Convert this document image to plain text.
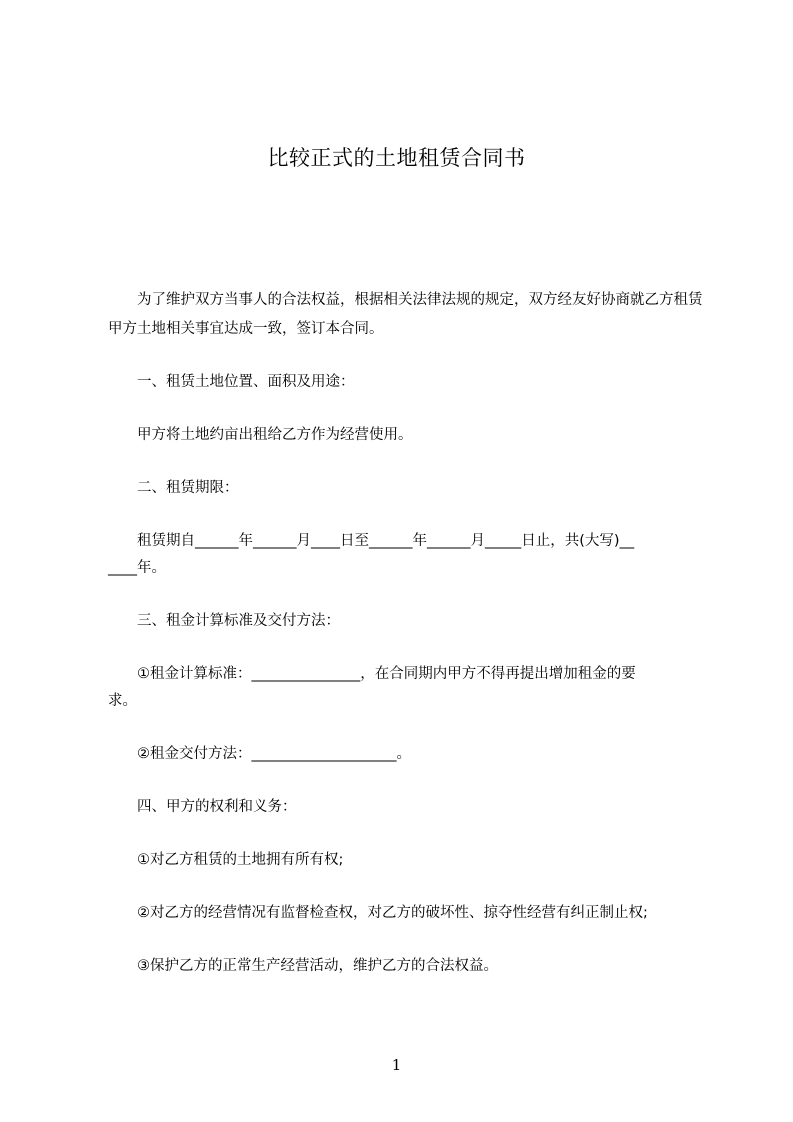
比较正式的土地租赁合同书

为了维护双方当事人的合法权益，根据相关法律法规的规定，双方经友好协商就乙方租赁甲方土地相关事宜达成一致，签订本合同。

一、租赁土地位置、面积及用途：
甲方将土地约亩出租给乙方作为经营使用。
二、租赁期限：
租赁期自______年______月____日至______年______月_____日止，共(大写)__
____年。
三、租金计算标准及交付方法：
①租金计算标准：_______________，在合同期内甲方不得再提出增加租金的要
求。
②租金交付方法：____________________。
四、甲方的权利和义务：
①对乙方租赁的土地拥有所有权;
②对乙方的经营情况有监督检查权，对乙方的破坏性、掠夺性经营有纠正制止权;
③保护乙方的正常生产经营活动，维护乙方的合法权益。
1
